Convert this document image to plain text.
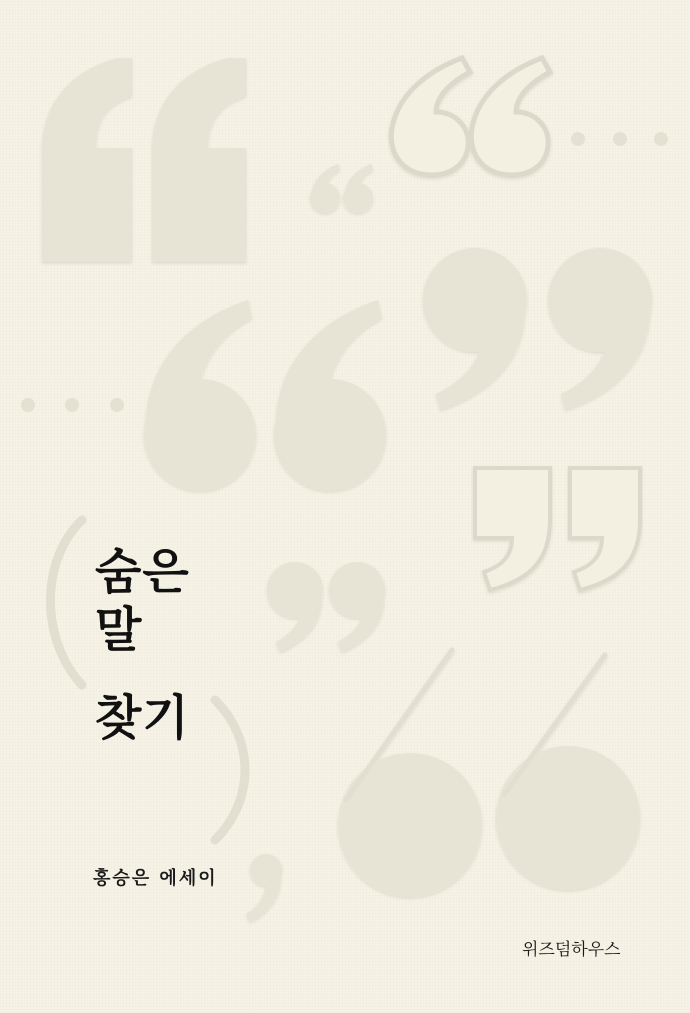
숨은
말
찾기
홍승은 에세이
위즈덤하우스
